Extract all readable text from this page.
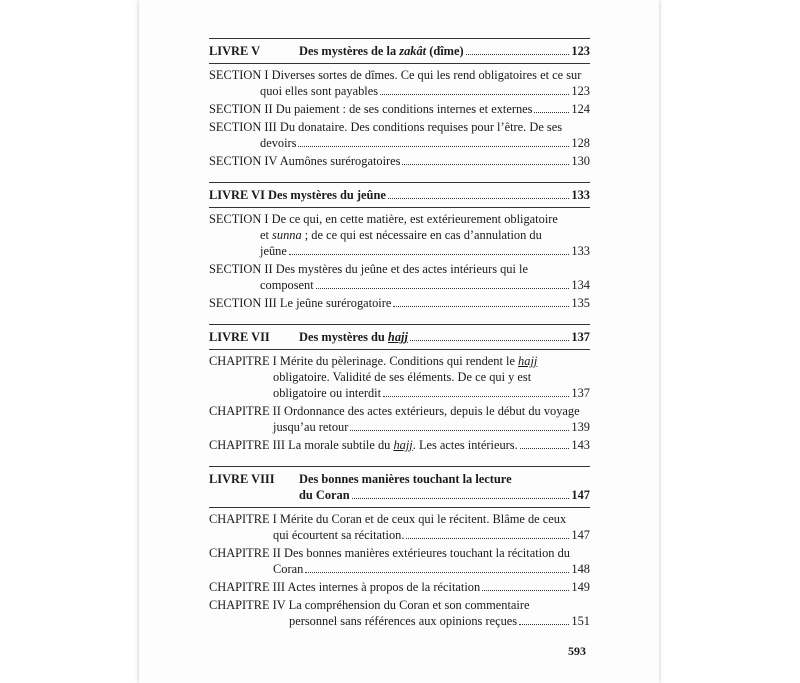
LIVRE V	Des mystères de la zakât (dîme)	123
SECTION I Diverses sortes de dîmes. Ce qui les rend obligatoires et ce sur
quoi elles sont payables	123
SECTION II Du paiement : de ses conditions internes et externes	124
SECTION III Du donataire. Des conditions requises pour l’être. De ses
devoirs	128
SECTION IV Aumônes surérogatoires	130
LIVRE VI Des mystères du jeûne	133
SECTION I De ce qui, en cette matière, est extérieurement obligatoire
et sunna ; de ce qui est nécessaire en cas d’annulation du
jeûne	133
SECTION II Des mystères du jeûne et des actes intérieurs qui le
composent	134
SECTION III Le jeûne surérogatoire	135
LIVRE VII	Des mystères du hajj	137
CHAPITRE I Mérite du pèlerinage. Conditions qui rendent le hajj
obligatoire. Validité de ses éléments. De ce qui y est
obligatoire ou interdit	137
CHAPITRE II Ordonnance des actes extérieurs, depuis le début du voyage
jusqu’au retour	139
CHAPITRE III La morale subtile du hajj. Les actes intérieurs.	143
LIVRE VIII	Des bonnes manières touchant la lecture
du Coran	147
CHAPITRE I Mérite du Coran et de ceux qui le récitent. Blâme de ceux
qui écourtent sa récitation.	147
CHAPITRE II Des bonnes manières extérieures touchant la récitation du
Coran	148
CHAPITRE III Actes internes à propos de la récitation	149
CHAPITRE IV La compréhension du Coran et son commentaire
personnel sans références aux opinions reçues	151
593
